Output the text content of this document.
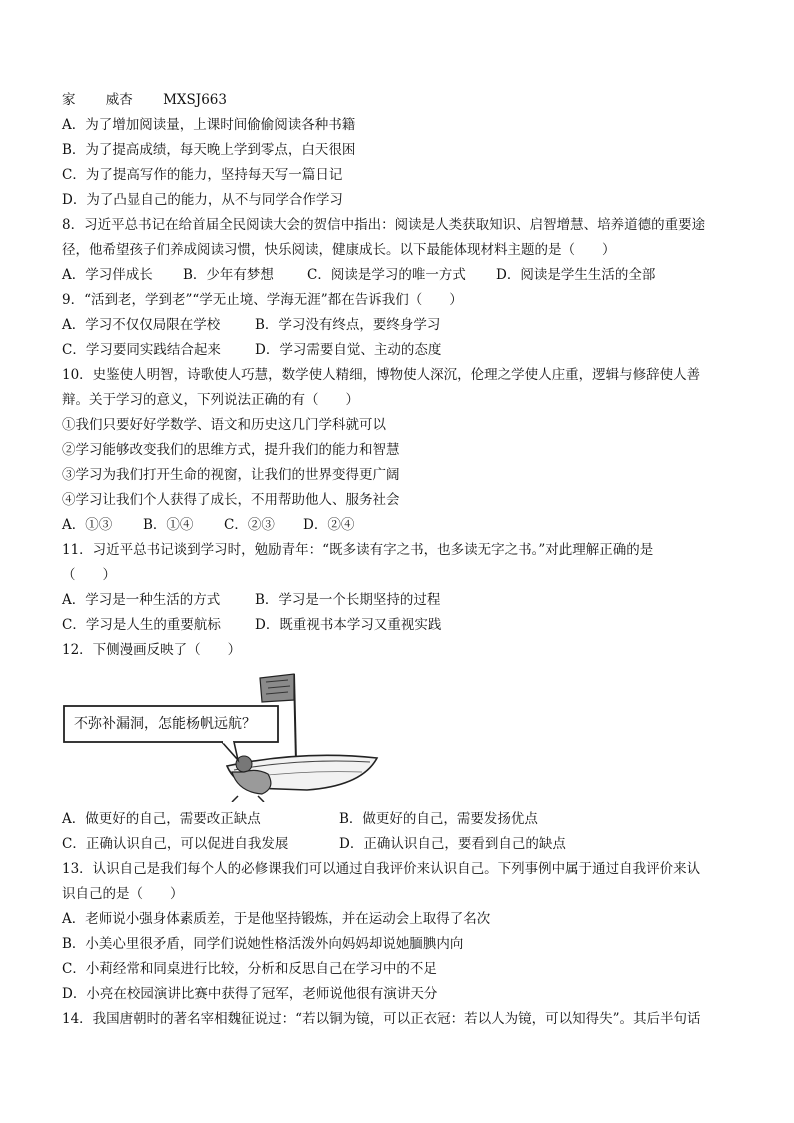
家 威杏 MXSJ663
A．为了增加阅读量，上课时间偷偷阅读各种书籍
B．为了提高成绩，每天晚上学到零点，白天很困
C．为了提高写作的能力，坚持每天写一篇日记
D．为了凸显自己的能力，从不与同学合作学习
8．习近平总书记在给首届全民阅读大会的贺信中指出：阅读是人类获取知识、启智增慧、培养道德的重要途
径，他希望孩子们养成阅读习惯，快乐阅读，健康成长。以下最能体现材料主题的是（　　）
A．学习伴成长 B．少年有梦想 C．阅读是学习的唯一方式 D．阅读是学生生活的全部
9．“活到老，学到老”“学无止境、学海无涯”都在告诉我们（　　）
A．学习不仅仅局限在学校	B．学习没有终点，要终身学习
C．学习要同实践结合起来	D．学习需要自觉、主动的态度
10．史鉴使人明智，诗歌使人巧慧，数学使人精细，博物使人深沉，伦理之学使人庄重，逻辑与修辞使人善
辩。关于学习的意义，下列说法正确的有（　　）
①我们只要好好学数学、语文和历史这几门学科就可以
②学习能够改变我们的思维方式，提升我们的能力和智慧
③学习为我们打开生命的视窗，让我们的世界变得更广阔
④学习让我们个人获得了成长，不用帮助他人、服务社会
A．①③ B．①④ C．②③ D．②④
11．习近平总书记谈到学习时，勉励青年：“既多读有字之书，也多读无字之书。”对此理解正确的是
（　　）
A．学习是一种生活的方式	B．学习是一个长期坚持的过程
C．学习是人生的重要航标	D．既重视书本学习又重视实践
12．下侧漫画反映了（　　）
不弥补漏洞，怎能杨帆远航？
A．做更好的自己，需要改正缺点	B．做更好的自己，需要发扬优点
C．正确认识自己，可以促进自我发展	D．正确认识自己，要看到自己的缺点
13．认识自己是我们每个人的必修课我们可以通过自我评价来认识自己。下列事例中属于通过自我评价来认
识自己的是（　　）
A．老师说小强身体素质差，于是他坚持锻炼，并在运动会上取得了名次
B．小美心里很矛盾，同学们说她性格活泼外向妈妈却说她腼腆内向
C．小莉经常和同桌进行比较，分析和反思自己在学习中的不足
D．小亮在校园演讲比赛中获得了冠军，老师说他很有演讲天分
14．我国唐朝时的著名宰相魏征说过：“若以铜为镜，可以正衣冠：若以人为镜，可以知得失”。其后半句话
